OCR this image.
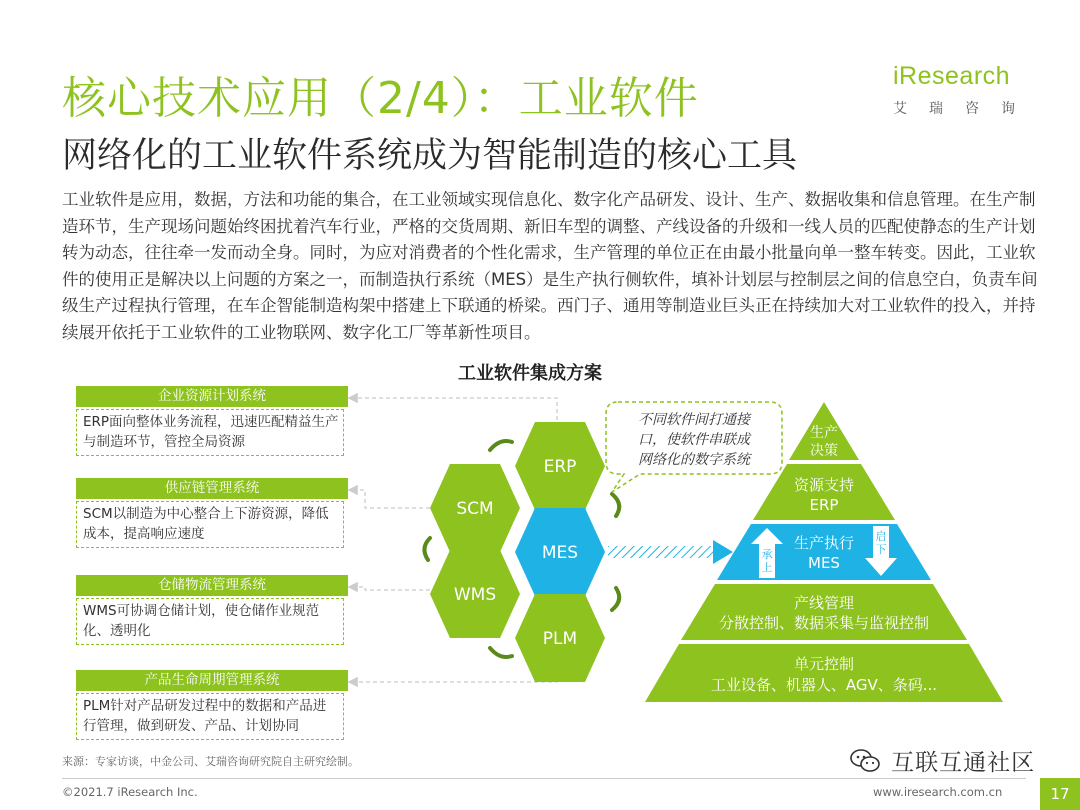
核心技术应用（2/4）：工业软件
网络化的工业软件系统成为智能制造的核心工具
iResearch
艾瑞咨询
工业软件是应用，数据，方法和功能的集合，在工业领域实现信息化、数字化产品研发、设计、生产、数据收集和信息管理。在生产制造环节，生产现场问题始终困扰着汽车行业，严格的交货周期、新旧车型的调整、产线设备的升级和一线人员的匹配使静态的生产计划转为动态，往往牵一发而动全身。同时，为应对消费者的个性化需求，生产管理的单位正在由最小批量向单一整车转变。因此，工业软件的使用正是解决以上问题的方案之一，而制造执行系统（MES）是生产执行侧软件，填补计划层与控制层之间的信息空白，负责车间级生产过程执行管理，在车企智能制造构架中搭建上下联通的桥梁。西门子、通用等制造业巨头正在持续加大对工业软件的投入，并持续展开依托于工业软件的工业物联网、数字化工厂等革新性项目。
工业软件集成方案
企业资源计划系统
ERP面向整体业务流程，迅速匹配精益生产与制造环节，管控全局资源
供应链管理系统
SCM以制造为中心整合上下游资源，降低成本，提高响应速度
仓储物流管理系统
WMS可协调仓储计划，使仓储作业规范化、透明化
产品生命周期管理系统
PLM针对产品研发过程中的数据和产品进行管理，做到研发、产品、计划协同
ERP
SCM
MES
WMS
PLM
不同软件间打通接
口，使软件串联成
网络化的数字系统
生产
决策
资源支持
ERP
生产执行
MES
产线管理
分散控制、数据采集与监视控制
单元控制
工业设备、机器人、AGV、条码...
承
上
启
下
来源：专家访谈，中金公司、艾瑞咨询研究院自主研究绘制。
©2021.7 iResearch Inc.	www.iresearch.com.cn	17
互联互通社区
